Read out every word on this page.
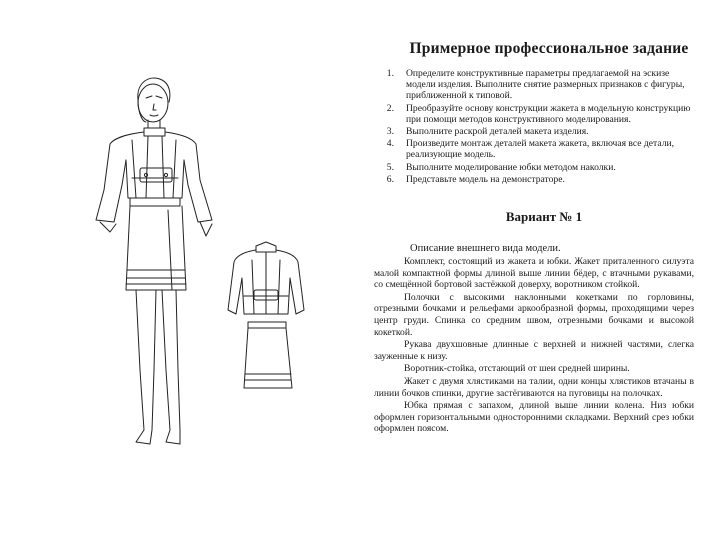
Примерное профессиональное задание
1.	Определите конструктивные параметры предлагаемой на эскизе модели изделия. Выполните снятие размерных признаков с фигуры, приближенной к типовой.
2.	Преобразуйте основу конструкции жакета в модельную конструкцию при помощи методов конструктивного моделирования.
3.	Выполните раскрой деталей макета изделия.
4.	Произведите монтаж деталей макета жакета, включая все детали, реализующие модель.
5.	Выполните моделирование юбки методом наколки.
6.	Представьте модель на демонстраторе.
Вариант № 1
Описание внешнего вида модели.

Комплект, состоящий из жакета и юбки. Жакет приталенного силуэта малой компактной формы длиной выше линии бёдер, с втачными рукавами, со смещённой бортовой застёжкой доверху, воротником стойкой.

Полочки с высокими наклонными кокетками по горловины, отрезными бочками и рельефами аркообразной формы, проходящими через центр груди. Спинка со средним швом, отрезными бочками и высокой кокеткой.

Рукава двухшовные длинные с верхней и нижней частями, слегка зауженные к низу.

Воротник-стойка, отстающий от шеи средней ширины.

Жакет с двумя хлястиками на талии, одни концы хлястиков втачаны в линии бочков спинки, другие застёгиваются на пуговицы на полочках.

Юбка прямая с запахом, длиной выше линии колена. Низ юбки оформлен горизонтальными односторонними складками. Верхний срез юбки оформлен поясом.
